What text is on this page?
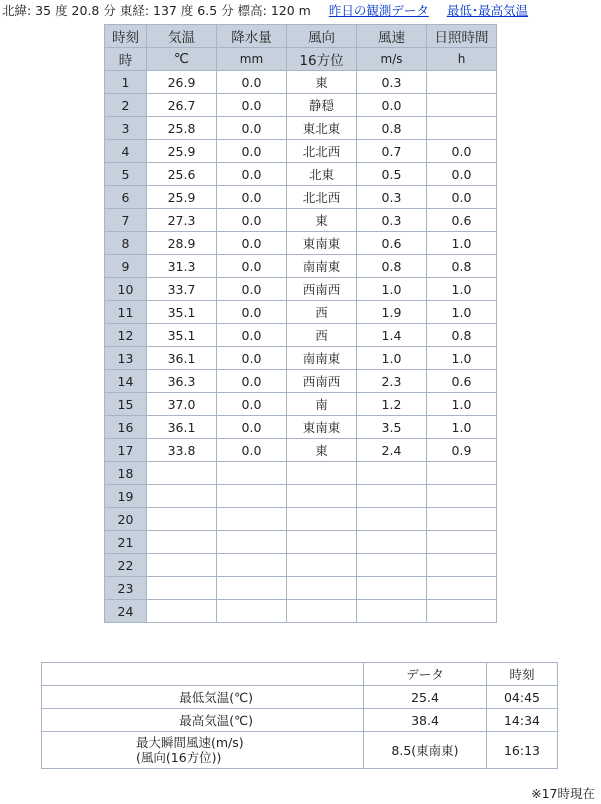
北緯: 35 度 20.8 分 東経: 137 度 6.5 分 標高: 120 m 昨日の観測データ 最低･最高気温
時刻	気温	降水量	風向	風速	日照時間
時	℃	mm	16方位	m/s	h
1	26.9	0.0	東	0.3	
2	26.7	0.0	静穏	0.0	
3	25.8	0.0	東北東	0.8	
4	25.9	0.0	北北西	0.7	0.0
5	25.6	0.0	北東	0.5	0.0
6	25.9	0.0	北北西	0.3	0.0
7	27.3	0.0	東	0.3	0.6
8	28.9	0.0	東南東	0.6	1.0
9	31.3	0.0	南南東	0.8	0.8
10	33.7	0.0	西南西	1.0	1.0
11	35.1	0.0	西	1.9	1.0
12	35.1	0.0	西	1.4	0.8
13	36.1	0.0	南南東	1.0	1.0
14	36.3	0.0	西南西	2.3	0.6
15	37.0	0.0	南	1.2	1.0
16	36.1	0.0	東南東	3.5	1.0
17	33.8	0.0	東	2.4	0.9
18					
19					
20					
21					
22					
23					
24					
	データ	時刻
最低気温(℃)	25.4	04:45
最高気温(℃)	38.4	14:34
最大瞬間風速(m/s)
(風向(16方位))	8.5(東南東)	16:13
※17時現在
